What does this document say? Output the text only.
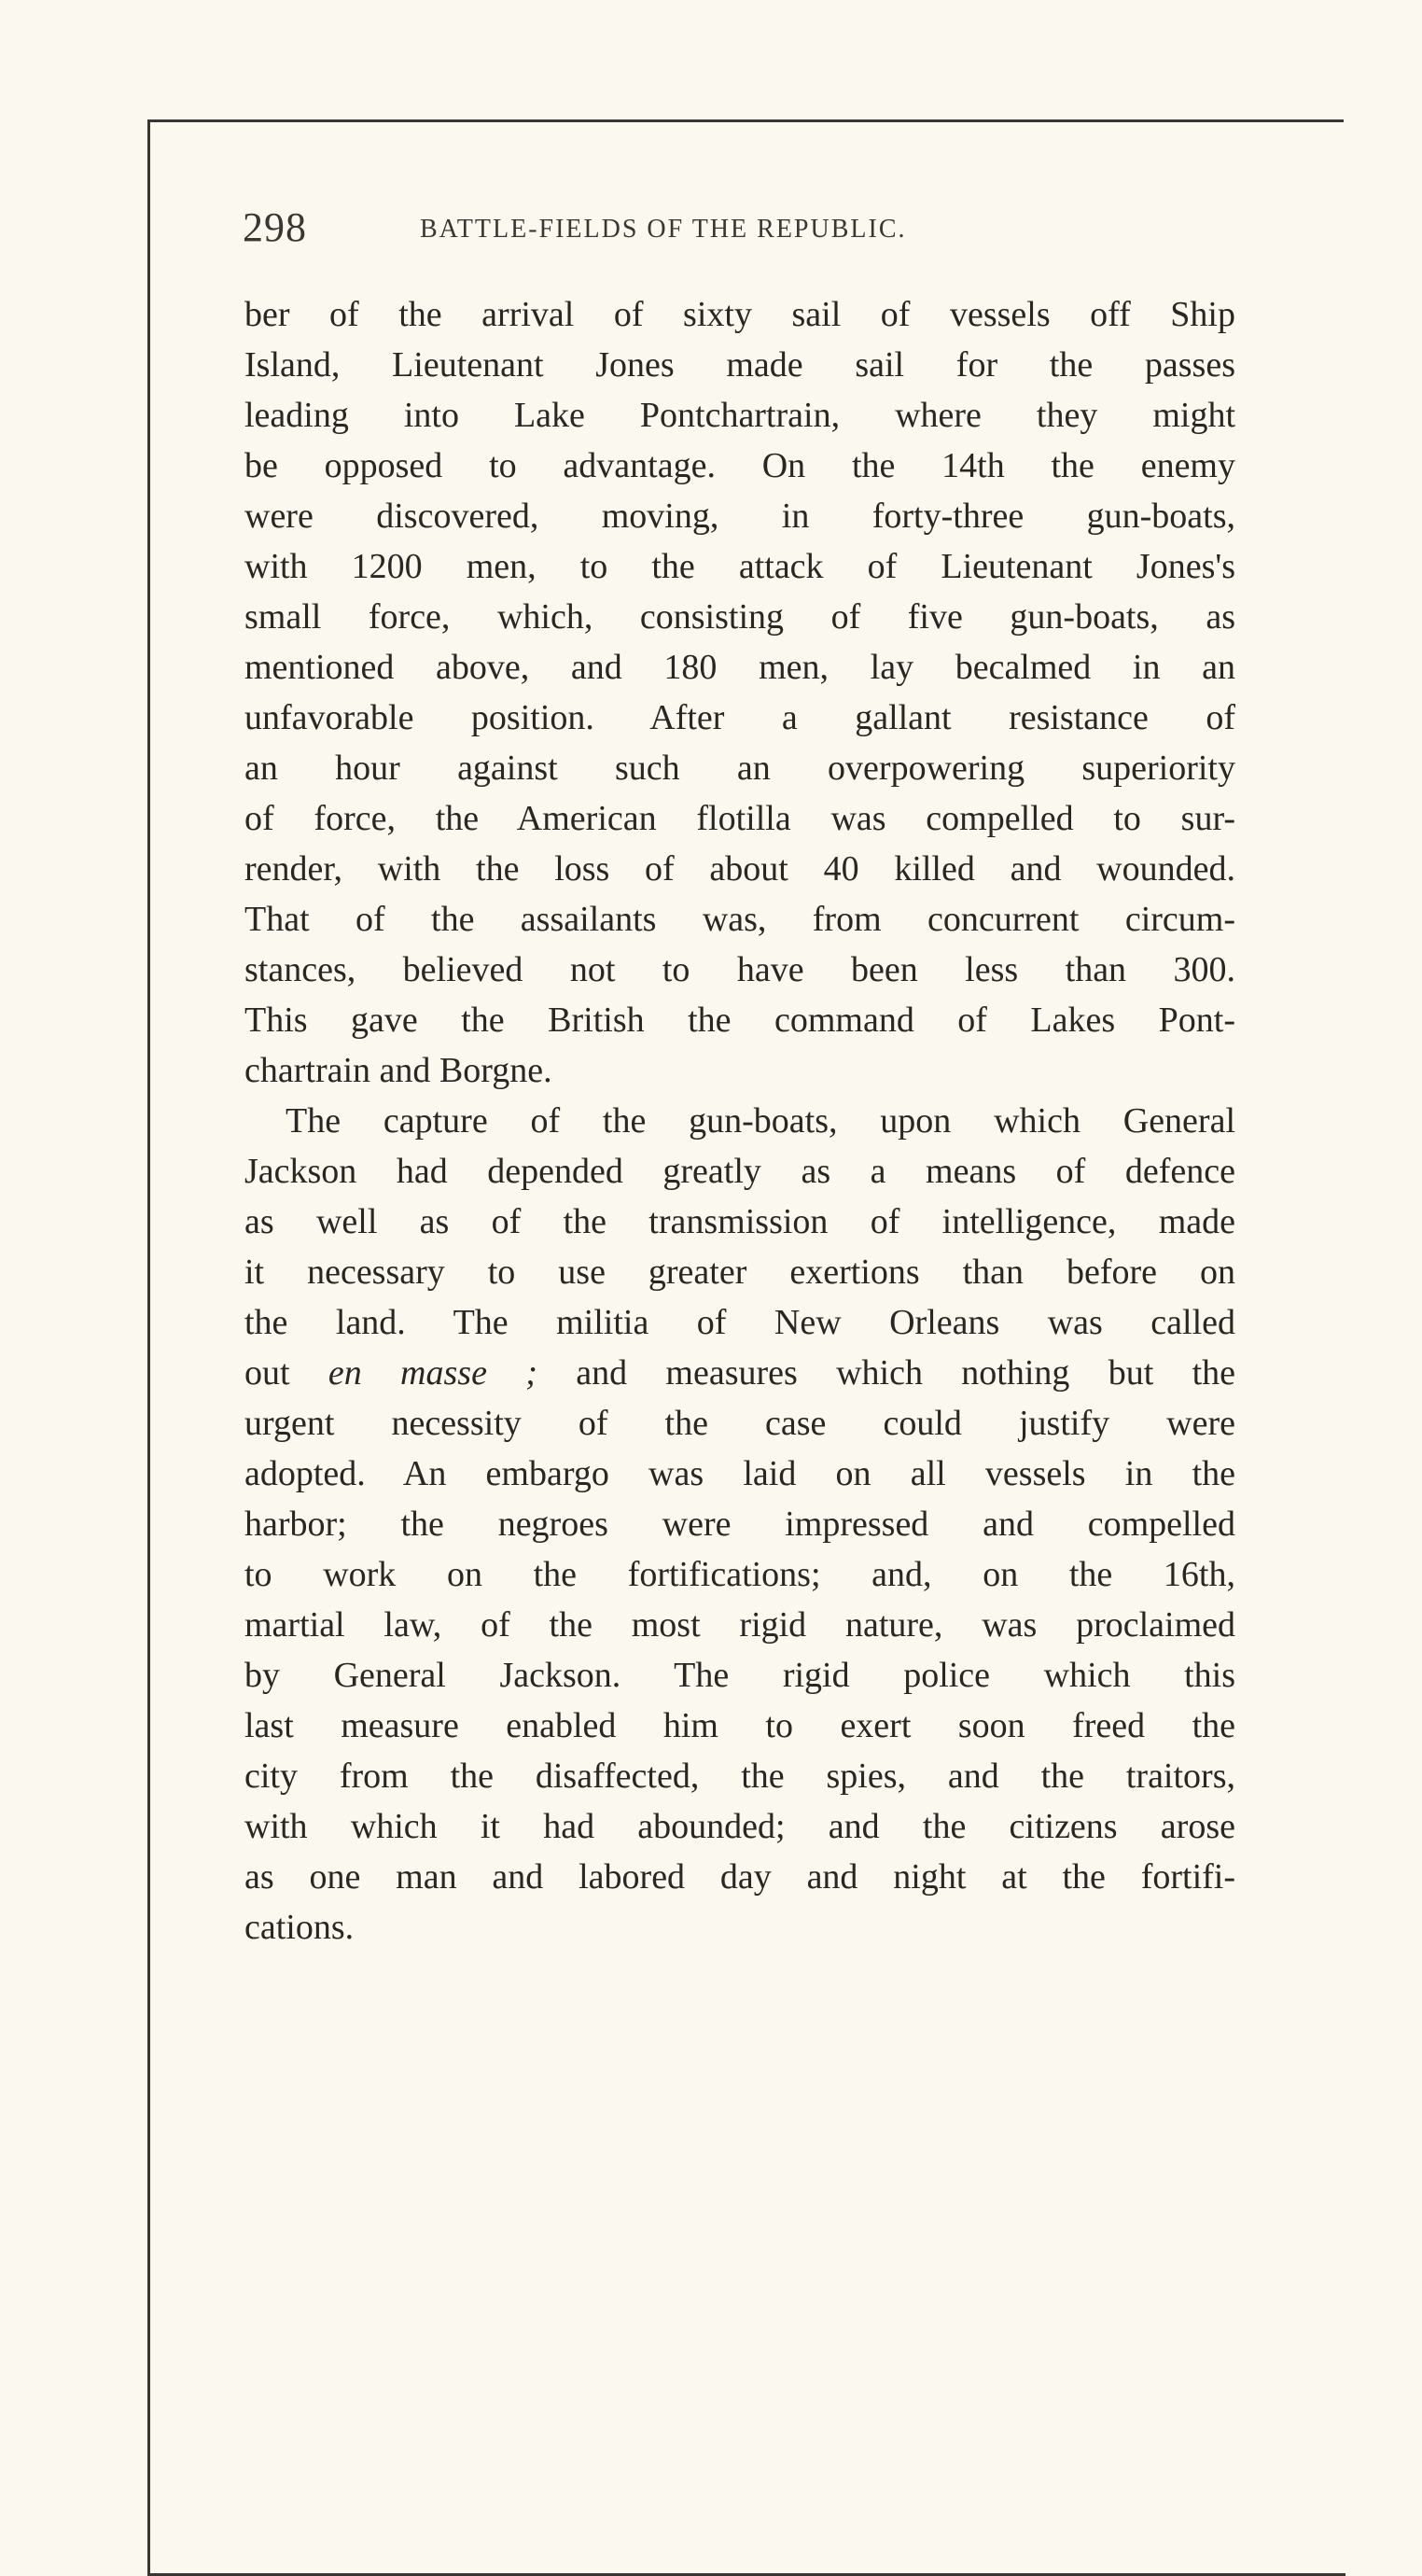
298	BATTLE-FIELDS OF THE REPUBLIC.
ber of the arrival of sixty sail of vessels off Ship
Island, Lieutenant Jones made sail for the passes
leading into Lake Pontchartrain, where they might
be opposed to advantage. On the 14th the enemy
were discovered, moving, in forty-three gun-boats,
with 1200 men, to the attack of Lieutenant Jones's
small force, which, consisting of five gun-boats, as
mentioned above, and 180 men, lay becalmed in an
unfavorable position. After a gallant resistance of
an hour against such an overpowering superiority
of force, the American flotilla was compelled to sur-
render, with the loss of about 40 killed and wounded.
That of the assailants was, from concurrent circum-
stances, believed not to have been less than 300.
This gave the British the command of Lakes Pont-
chartrain and Borgne.
The capture of the gun-boats, upon which General
Jackson had depended greatly as a means of defence
as well as of the transmission of intelligence, made
it necessary to use greater exertions than before on
the land. The militia of New Orleans was called
out en masse ; and measures which nothing but the
urgent necessity of the case could justify were
adopted. An embargo was laid on all vessels in the
harbor; the negroes were impressed and compelled
to work on the fortifications; and, on the 16th,
martial law, of the most rigid nature, was proclaimed
by General Jackson. The rigid police which this
last measure enabled him to exert soon freed the
city from the disaffected, the spies, and the traitors,
with which it had abounded; and the citizens arose
as one man and labored day and night at the fortifi-
cations.
